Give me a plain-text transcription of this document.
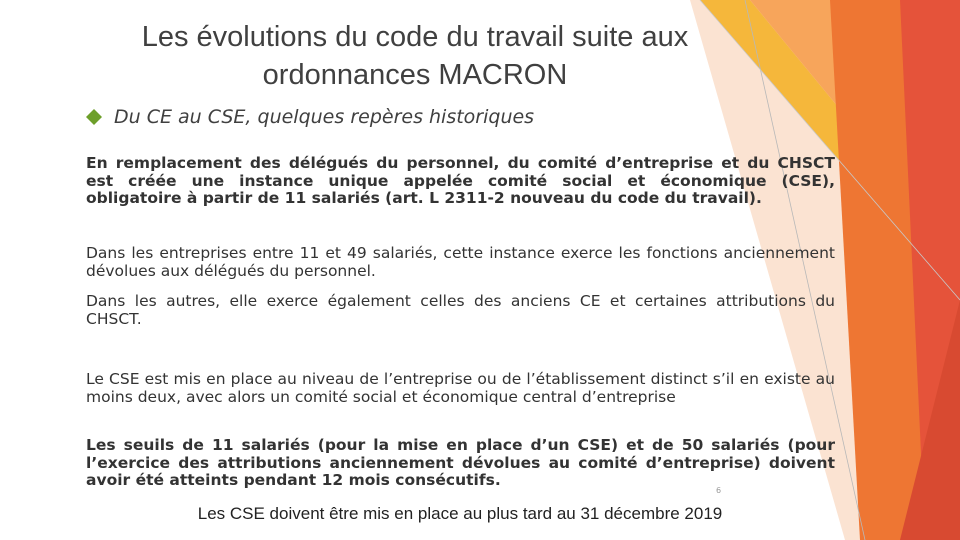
Les évolutions du code du travail suite aux ordonnances MACRON
Du CE au CSE, quelques repères historiques

En remplacement des délégués du personnel, du comité d’entreprise et du CHSCT est créée une instance unique appelée comité social et économique (CSE), obligatoire à partir de 11 salariés (art. L 2311-2 nouveau du code du travail).

Dans les entreprises entre 11 et 49 salariés, cette instance exerce les fonctions anciennement dévolues aux délégués du personnel.

Dans les autres, elle exerce également celles des anciens CE et certaines attributions du CHSCT.

Le CSE est mis en place au niveau de l’entreprise ou de l’établissement distinct s’il en existe au moins deux, avec alors un comité social et économique central d’entreprise

Les seuils de 11 salariés (pour la mise en place d’un CSE) et de 50 salariés (pour l’exercice des attributions anciennement dévolues au comité d’entreprise) doivent avoir été atteints pendant 12 mois consécutifs.

6
Les CSE doivent être mis en place au plus tard au 31 décembre 2019
